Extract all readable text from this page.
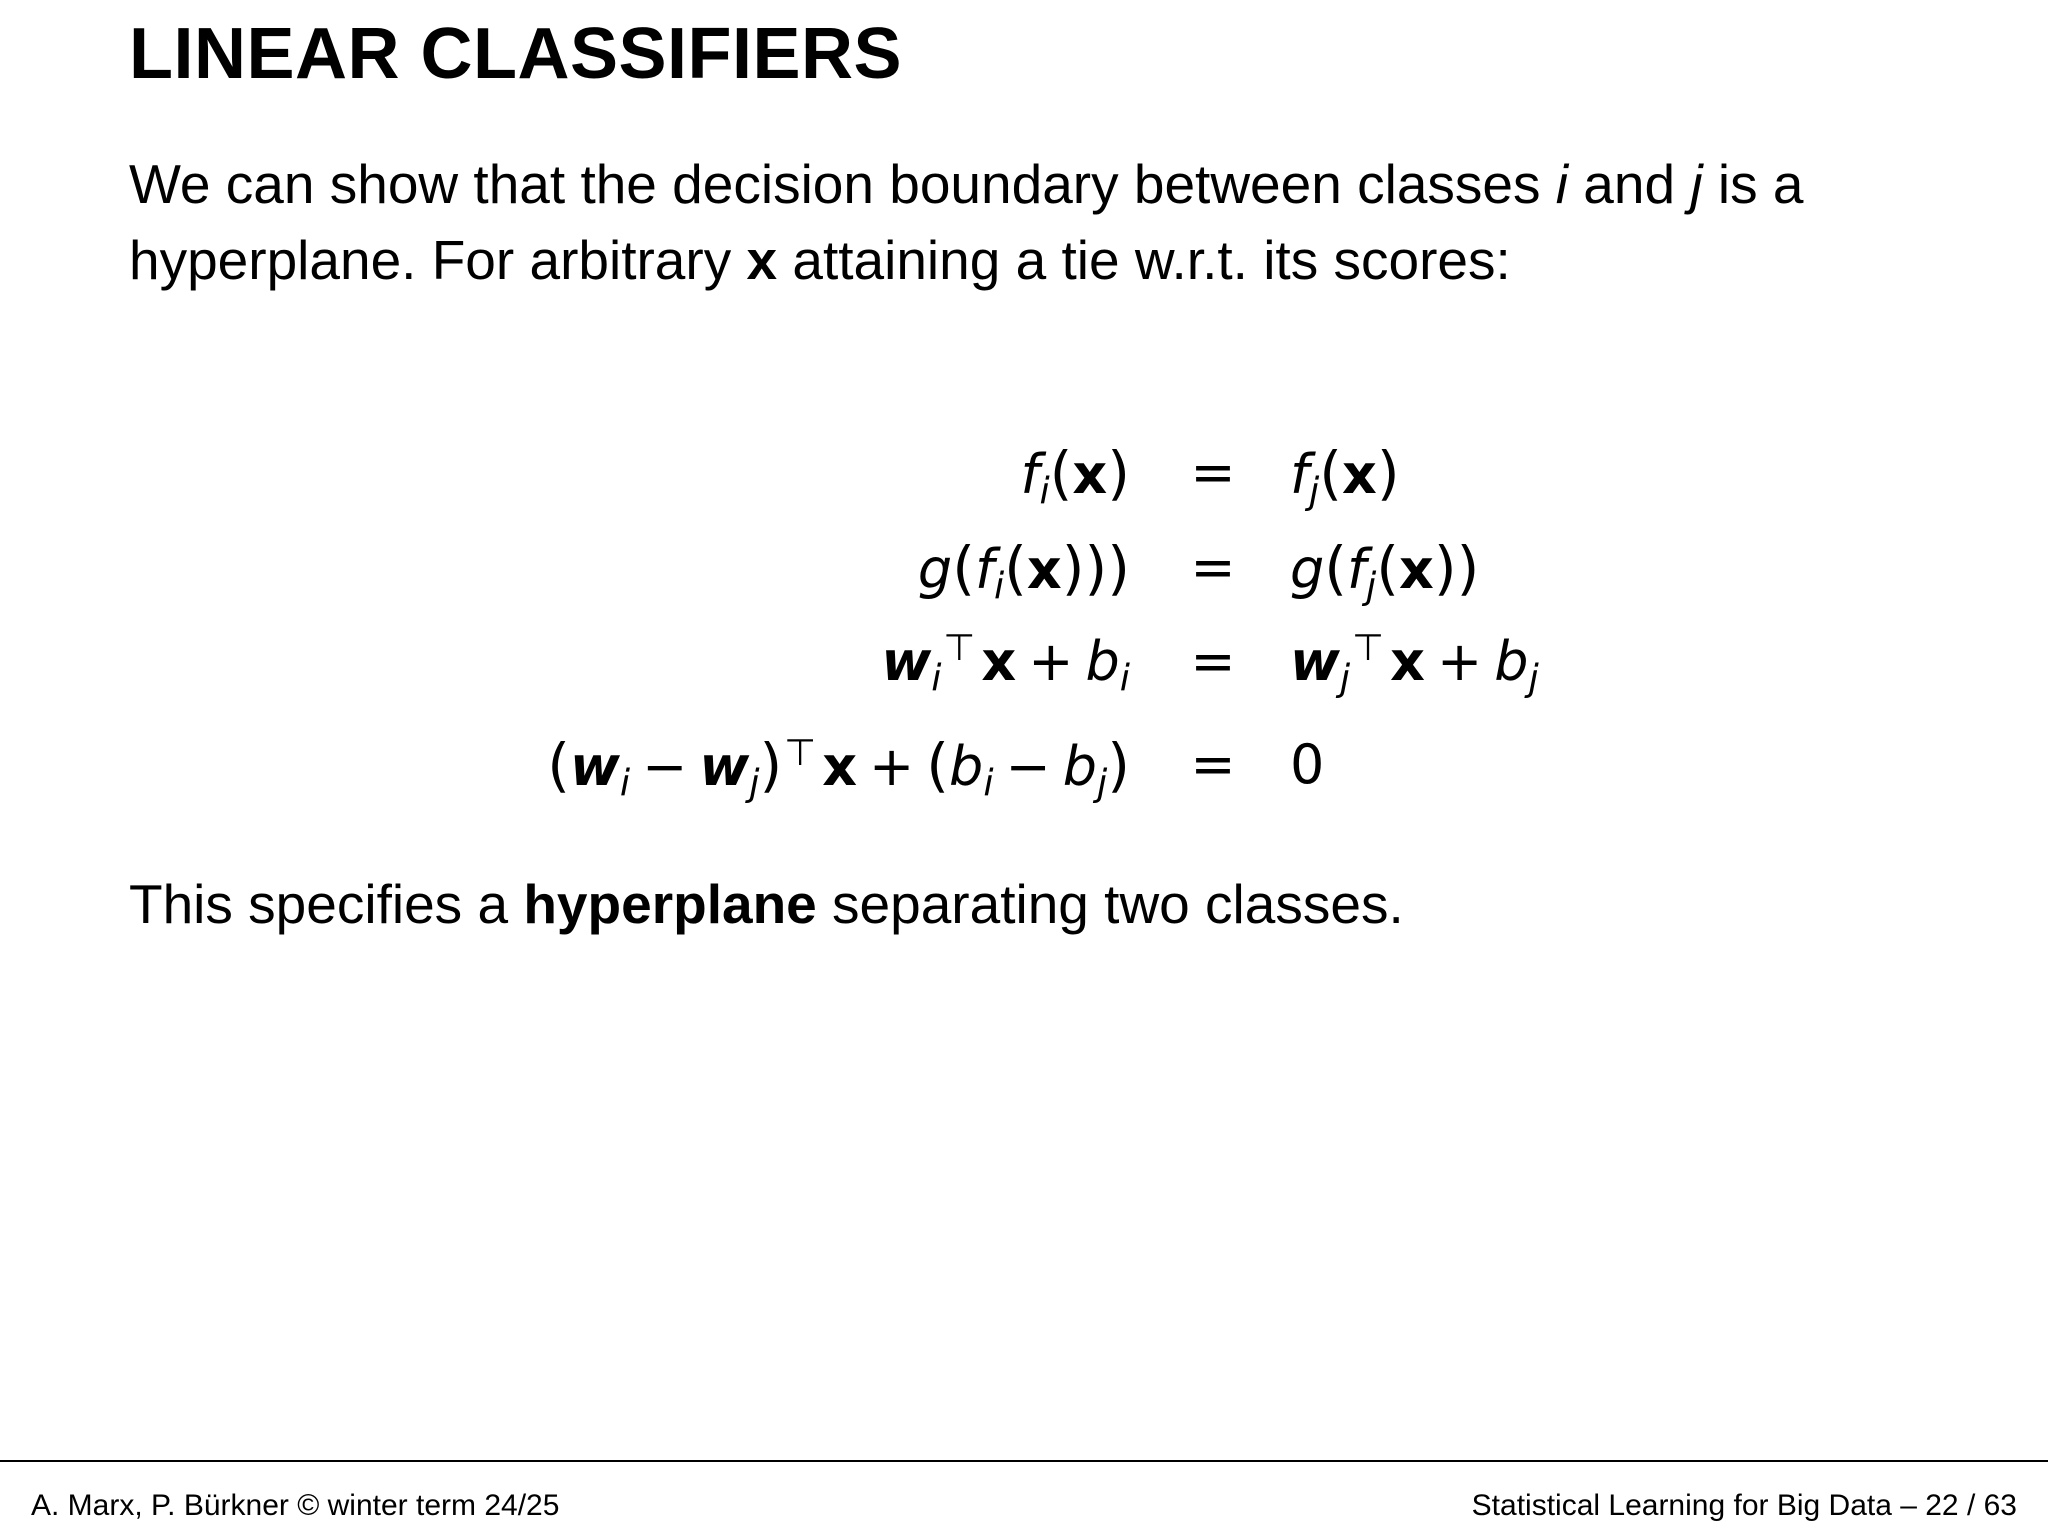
LINEAR CLASSIFIERS

We can show that the decision boundary between classes i and j is a hyperplane. For arbitrary x attaining a tie w.r.t. its scores:

$f_i(x) = f_j(x)$
$g(f_i(x))) = g(f_j(x))$
$w_i^⊤$ $x + b_i = w_j^⊤$ $x + b_j$
$(w_i - w_j)^⊤$ $x + (b_i - b_j) = 0$

This specifies a hyperplane separating two classes.

A. Marx, P. Bürkner © winter term 24/25	Statistical Learning for Big Data – 22 / 63
